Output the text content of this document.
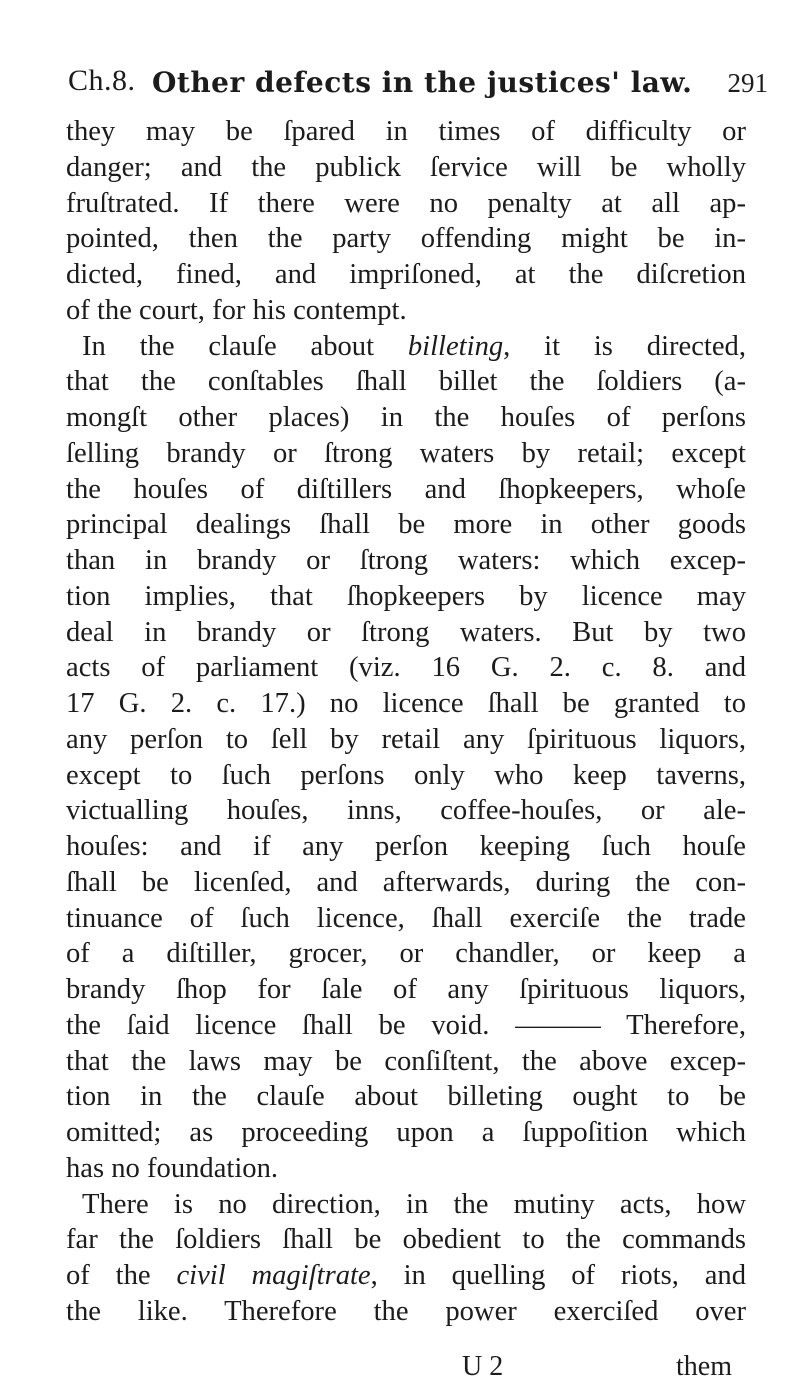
Ch.8. Other defects in the justices' law. 291
they may be ſpared in times of difficulty or
danger; and the publick ſervice will be wholly
fruſtrated. If there were no penalty at all ap-
pointed, then the party offending might be in-
dicted, fined, and impriſoned, at the diſcretion
of the court, for his contempt.
In the clauſe about billeting, it is directed,
that the conſtables ſhall billet the ſoldiers (a-
mongſt other places) in the houſes of perſons
ſelling brandy or ſtrong waters by retail; except
the houſes of diſtillers and ſhopkeepers, whoſe
principal dealings ſhall be more in other goods
than in brandy or ſtrong waters: which excep-
tion implies, that ſhopkeepers by licence may
deal in brandy or ſtrong waters. But by two
acts of parliament (viz. 16 G. 2. c. 8. and
17 G. 2. c. 17.) no licence ſhall be granted to
any perſon to ſell by retail any ſpirituous liquors,
except to ſuch perſons only who keep taverns,
victualling houſes, inns, coffee-houſes, or ale-
houſes: and if any perſon keeping ſuch houſe
ſhall be licenſed, and afterwards, during the con-
tinuance of ſuch licence, ſhall exerciſe the trade
of a diſtiller, grocer, or chandler, or keep a
brandy ſhop for ſale of any ſpirituous liquors,
the ſaid licence ſhall be void. ——— Therefore,
that the laws may be conſiſtent, the above excep-
tion in the clauſe about billeting ought to be
omitted; as proceeding upon a ſuppoſition which
has no foundation.
There is no direction, in the mutiny acts, how
far the ſoldiers ſhall be obedient to the commands
of the civil magiſtrate, in quelling of riots, and
the like. Therefore the power exerciſed over
U 2	them
